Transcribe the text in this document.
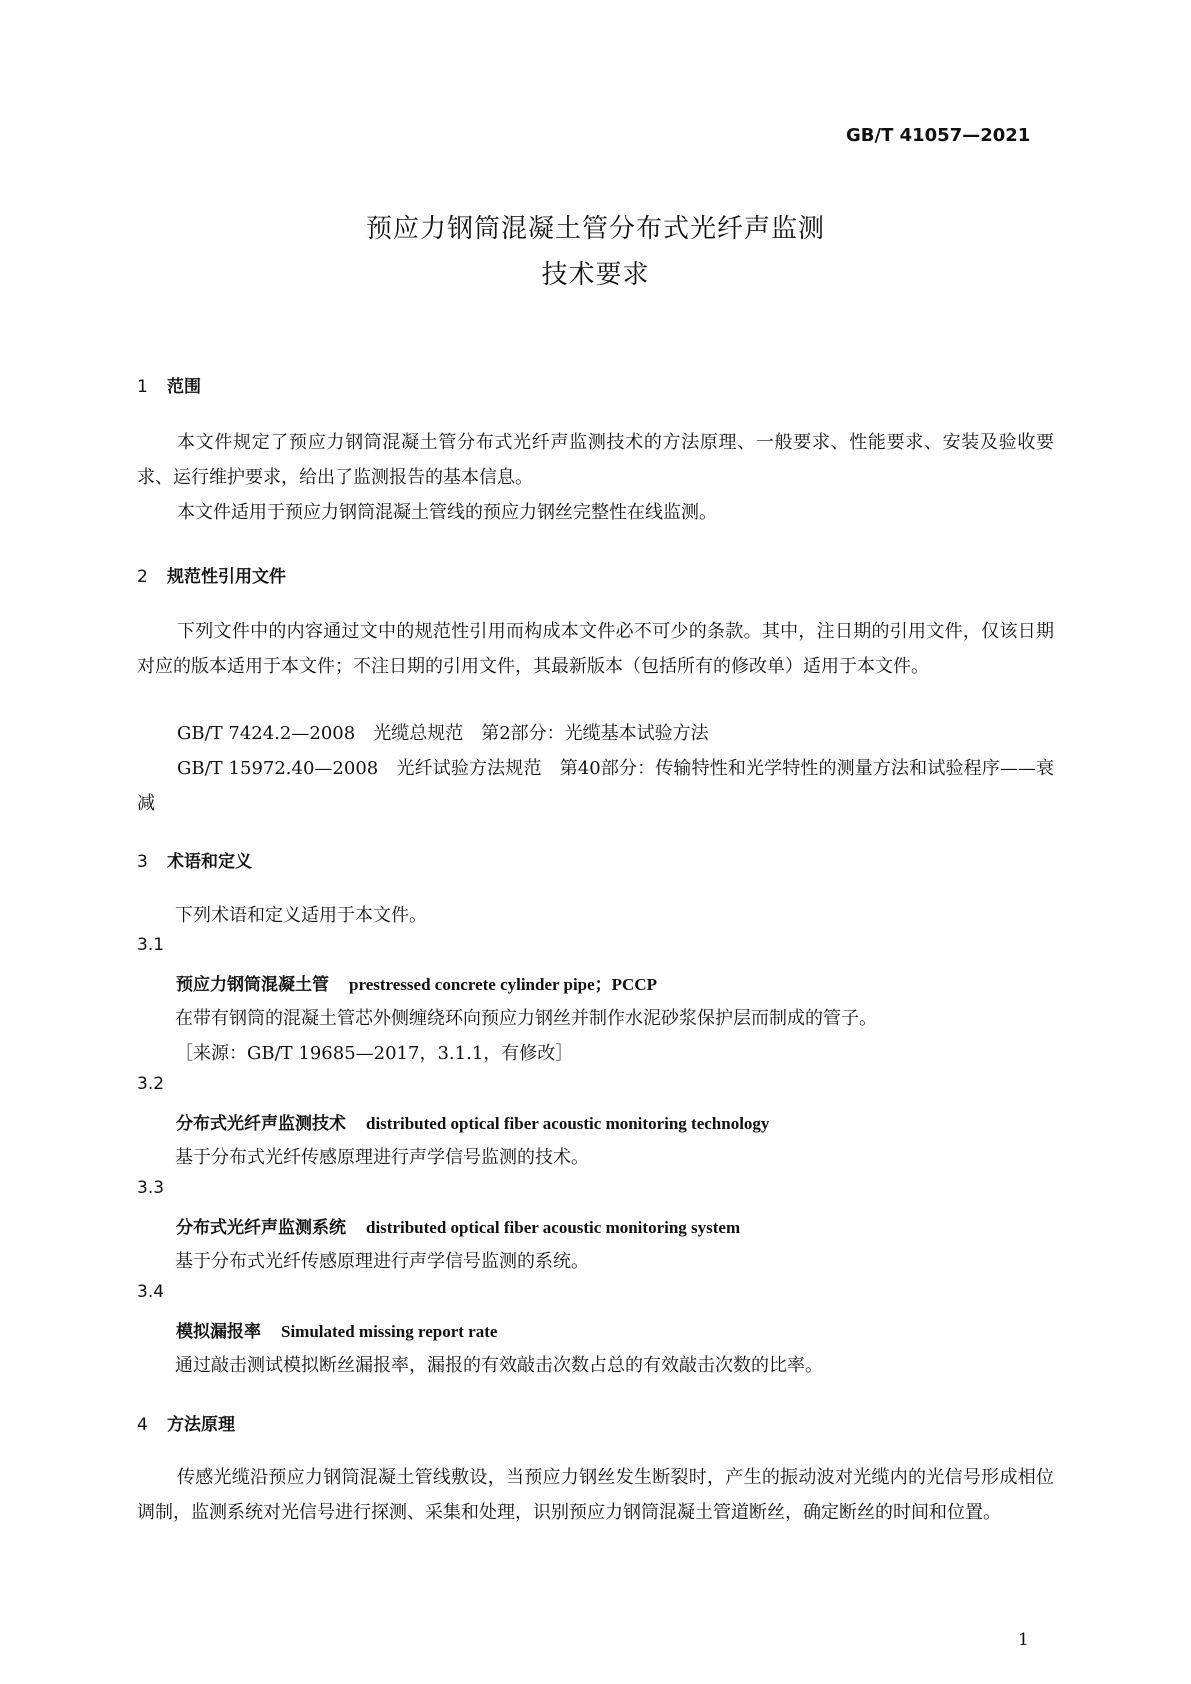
GB/T 41057—2021
预应力钢筒混凝土管分布式光纤声监测
技术要求
1 范围

本文件规定了预应力钢筒混凝土管分布式光纤声监测技术的方法原理、一般要求、性能要求、安装及验收要求、运行维护要求，给出了监测报告的基本信息。

本文件适用于预应力钢筒混凝土管线的预应力钢丝完整性在线监测。

2 规范性引用文件

下列文件中的内容通过文中的规范性引用而构成本文件必不可少的条款。其中，注日期的引用文件，仅该日期对应的版本适用于本文件；不注日期的引用文件，其最新版本（包括所有的修改单）适用于本文件。

GB/T 7424.2—2008　光缆总规范　第2部分：光缆基本试验方法

GB/T 15972.40—2008　光纤试验方法规范　第40部分：传输特性和光学特性的测量方法和试验程序——衰减

3 术语和定义
下列术语和定义适用于本文件。
3.1
预应力钢筒混凝土管 prestressed concrete cylinder pipe；PCCP
在带有钢筒的混凝土管芯外侧缠绕环向预应力钢丝并制作水泥砂浆保护层而制成的管子。
［来源：GB/T 19685—2017，3.1.1，有修改］
3.2
分布式光纤声监测技术 distributed optical fiber acoustic monitoring technology
基于分布式光纤传感原理进行声学信号监测的技术。
3.3
分布式光纤声监测系统 distributed optical fiber acoustic monitoring system
基于分布式光纤传感原理进行声学信号监测的系统。
3.4
模拟漏报率 Simulated missing report rate
通过敲击测试模拟断丝漏报率，漏报的有效敲击次数占总的有效敲击次数的比率。
4 方法原理

传感光缆沿预应力钢筒混凝土管线敷设，当预应力钢丝发生断裂时，产生的振动波对光缆内的光信号形成相位调制，监测系统对光信号进行探测、采集和处理，识别预应力钢筒混凝土管道断丝，确定断丝的时间和位置。

1
